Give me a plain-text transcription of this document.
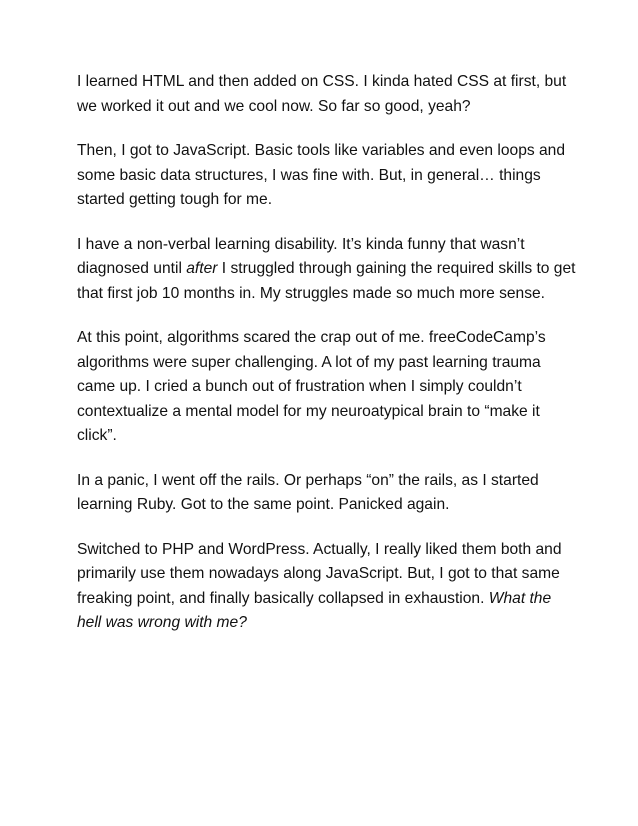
I learned HTML and then added on CSS. I kinda hated CSS at first, but we worked it out and we cool now. So far so good, yeah?

Then, I got to JavaScript. Basic tools like variables and even loops and some basic data structures, I was fine with. But, in general… things started getting tough for me.

I have a non-verbal learning disability. It’s kinda funny that wasn’t diagnosed until after I struggled through gaining the required skills to get that first job 10 months in. My struggles made so much more sense.

At this point, algorithms scared the crap out of me. freeCodeCamp’s algorithms were super challenging. A lot of my past learning trauma came up. I cried a bunch out of frustration when I simply couldn’t contextualize a mental model for my neuroatypical brain to “make it click”.

In a panic, I went off the rails. Or perhaps “on” the rails, as I started learning Ruby. Got to the same point. Panicked again.

Switched to PHP and WordPress. Actually, I really liked them both and primarily use them nowadays along JavaScript. But, I got to that same freaking point, and finally basically collapsed in exhaustion. What the hell was wrong with me?
